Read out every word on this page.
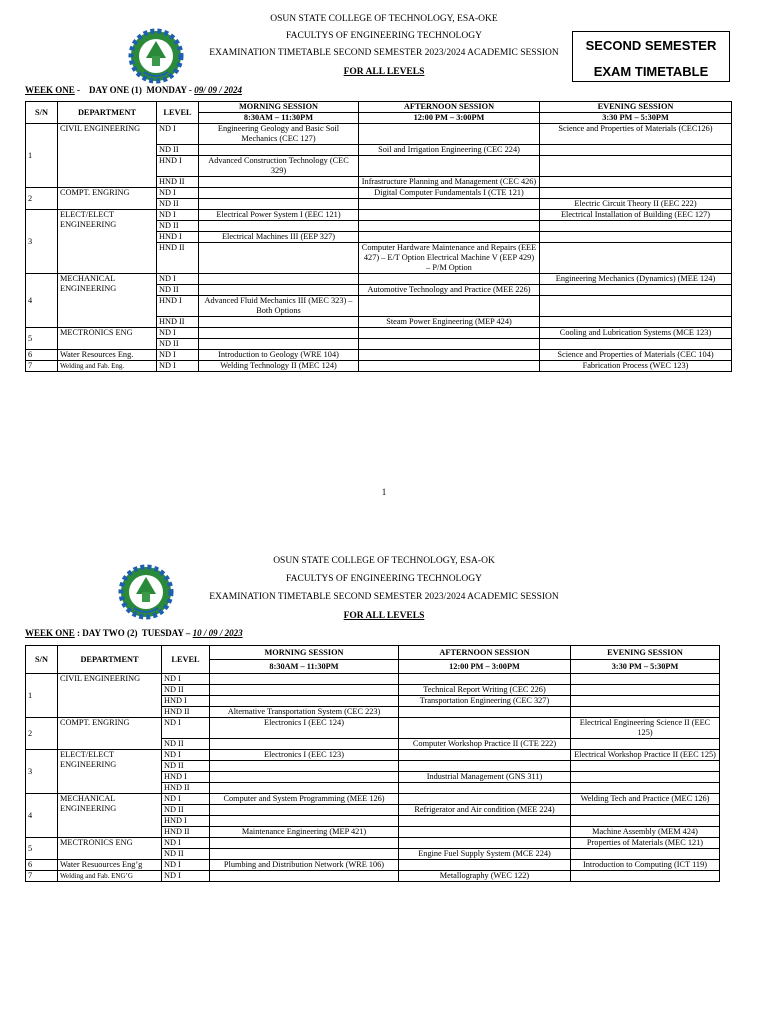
OSUN STATE COLLEGE OF TECHNOLOGY, ESA-OKE
FACULTYS OF ENGINEERING TECHNOLOGY
EXAMINATION TIMETABLE SECOND SEMESTER 2023/2024 ACADEMIC SESSION
FOR ALL LEVELS
SECOND SEMESTER
EXAM TIMETABLE
WEEK ONE -    DAY ONE (1)  MONDAY - 09/ 09 / 2024
S/N	DEPARTMENT	LEVEL	MORNING SESSION	AFTERNOON SESSION	EVENING SESSION
			8:30AM – 11:30PM	12:00 PM – 3:00PM	3:30 PM – 5:30PM
1	CIVIL ENGINEERING	ND I	Engineering Geology and Basic Soil Mechanics (CEC 127)		Science and Properties of Materials (CEC126)
		ND II		Soil and Irrigation Engineering (CEC 224)	
		HND I	Advanced Construction Technology (CEC 329)		
		HND II		Infrastructure Planning and Management (CEC 426)	
2	COMPT. ENGRING	ND I		Digital Computer Fundamentals I (CTE 121)	
		ND II			Electric Circuit Theory II (EEC 222)
3	ELECT/ELECT ENGINEERING	ND I	Electrical Power System I (EEC 121)		Electrical Installation of Building (EEC 127)
		ND II			
		HND I	Electrical Machines III (EEP 327)		
		HND II		Computer Hardware Maintenance and Repairs (EEE 427) – E/T Option Electrical Machine V (EEP 429) – P/M Option	
4	MECHANICAL ENGINEERING	ND I			Engineering Mechanics (Dynamics) (MEE 124)
		ND II		Automotive Technology and Practice (MEE 226)	
		HND I	Advanced Fluid Mechanics III (MEC 323) – Both Options		
		HND II		Steam Power Engineering (MEP 424)	
5	MECTRONICS ENG	ND I			Cooling and Lubrication Systems (MCE 123)
		ND II			
6	Water Resources Eng.	ND I	Introduction to Geology (WRE 104)		Science and Properties of Materials (CEC 104)
7	Welding and Fab. Eng.	ND I	Welding Technology II (MEC 124)		Fabrication Process (WEC 123)
1
OSUN STATE COLLEGE OF TECHNOLOGY, ESA-OK
FACULTYS OF ENGINEERING TECHNOLOGY
EXAMINATION TIMETABLE SECOND SEMESTER 2023/2024 ACADEMIC SESSION
FOR ALL LEVELS
WEEK ONE : DAY TWO (2)  TUESDAY – 10 / 09 / 2023
S/N	DEPARTMENT	LEVEL	MORNING SESSION	AFTERNOON SESSION	EVENING SESSION
			8:30AM – 11:30PM	12:00 PM – 3:00PM	3:30 PM – 5:30PM
1	CIVIL ENGINEERING	ND I			
		ND II		Technical Report Writing (CEC 226)	
		HND I		Transportation Engineering (CEC 327)	
		HND II	Alternative Transportation System (CEC 223)		
2	COMPT. ENGRING	ND I	Electronics I (EEC 124)		Electrical Engineering Science II (EEC 125)
		ND II		Computer Workshop Practice II (CTE 222)	
3	ELECT/ELECT ENGINEERING	ND I	Electronics I (EEC 123)		Electrical Workshop Practice II (EEC 125)
		ND II			
		HND I		Industrial Management (GNS 311)	
		HND II			
4	MECHANICAL ENGINEERING	ND I	Computer and System Programming (MEE 126)		Welding Tech and Practice (MEC 126)
		ND II		Refrigerator and Air condition (MEE 224)	
		HND I			
		HND II	Maintenance Engineering (MEP 421)		Machine Assembly (MEM 424)
5	MECTRONICS ENG	ND I			Properties of Materials (MEC 121)
		ND II		Engine Fuel Supply System (MCE 224)	
6	Water Resuources Eng’g	ND I	Plumbing and Distribution Network (WRE 106)		Introduction to Computing (ICT 119)
7	Welding and Fab. ENG’G	ND I		Metallography (WEC 122)	
